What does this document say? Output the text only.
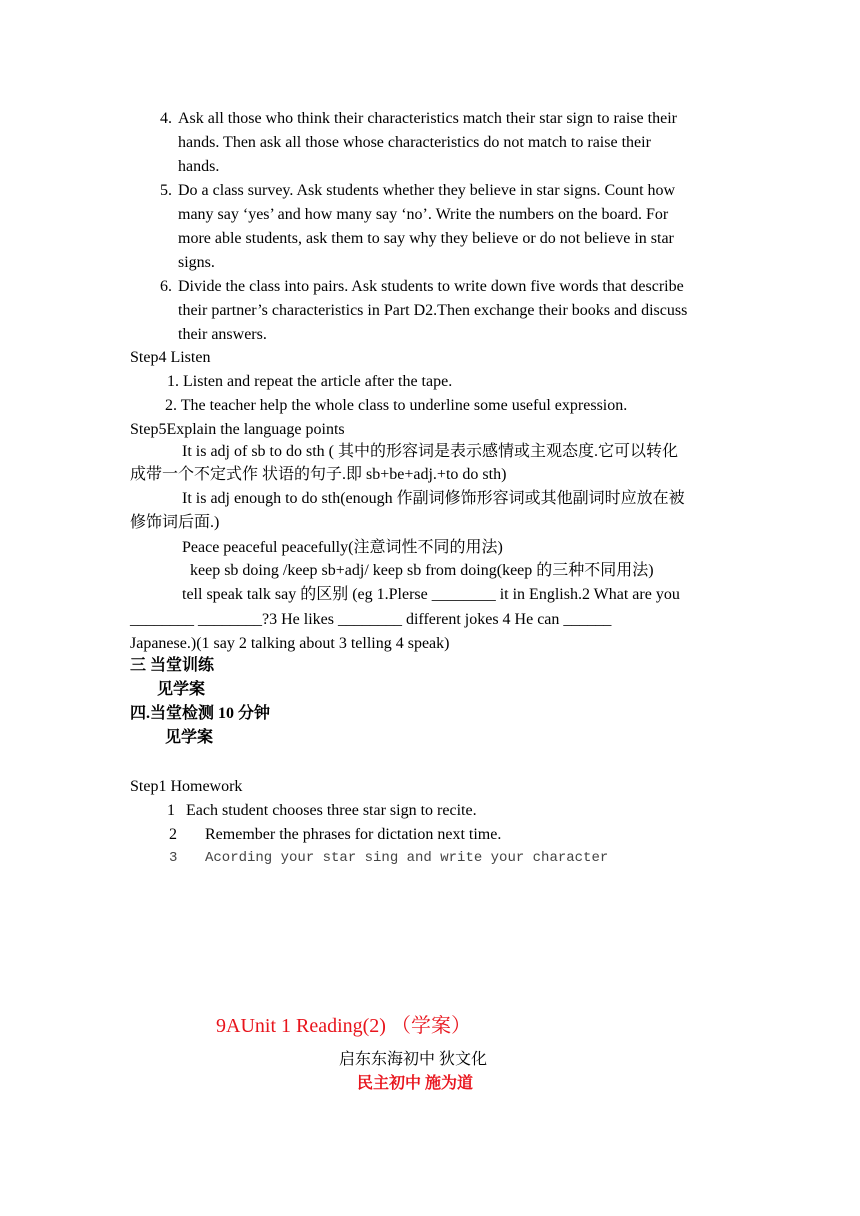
4. Ask all those who think their characteristics match their star sign to raise their
hands. Then ask all those whose characteristics do not match to raise their
hands.
5. Do a class survey. Ask students whether they believe in star signs. Count how
many say ‘yes’ and how many say ‘no’. Write the numbers on the board. For
more able students, ask them to say why they believe or do not believe in star
signs.
6. Divide the class into pairs. Ask students to write down five words that describe
their partner’s characteristics in Part D2.Then exchange their books and discuss
their answers.
Step4 Listen
1. Listen and repeat the article after the tape.
2. The teacher help the whole class to underline some useful expression.
Step5Explain the language points
It is adj of sb to do sth ( 其中的形容词是表示感情或主观态度.它可以转化
成带一个不定式作 状语的句子.即 sb+be+adj.+to do sth)
It is adj enough to do sth(enough 作副词修饰形容词或其他副词时应放在被
修饰词后面.)
Peace peaceful peacefully(注意词性不同的用法)
keep sb doing /keep sb+adj/ keep sb from doing(keep 的三种不同用法)
tell speak talk say 的区别 (eg 1.Plerse ________ it in English.2 What are you
________ ________?3 He likes ________ different jokes 4 He can ______
Japanese.)(1 say 2 talking about 3 telling 4 speak)
三 当堂训练
见学案
四.当堂检测 10 分钟
见学案
Step1 Homework
1 Each student chooses three star sign to recite.
2 Remember the phrases for dictation next time.
3 Acording your star sing and write your character
9AUnit 1 Reading(2) （学案）
启东东海初中 狄文化
民主初中 施为道
